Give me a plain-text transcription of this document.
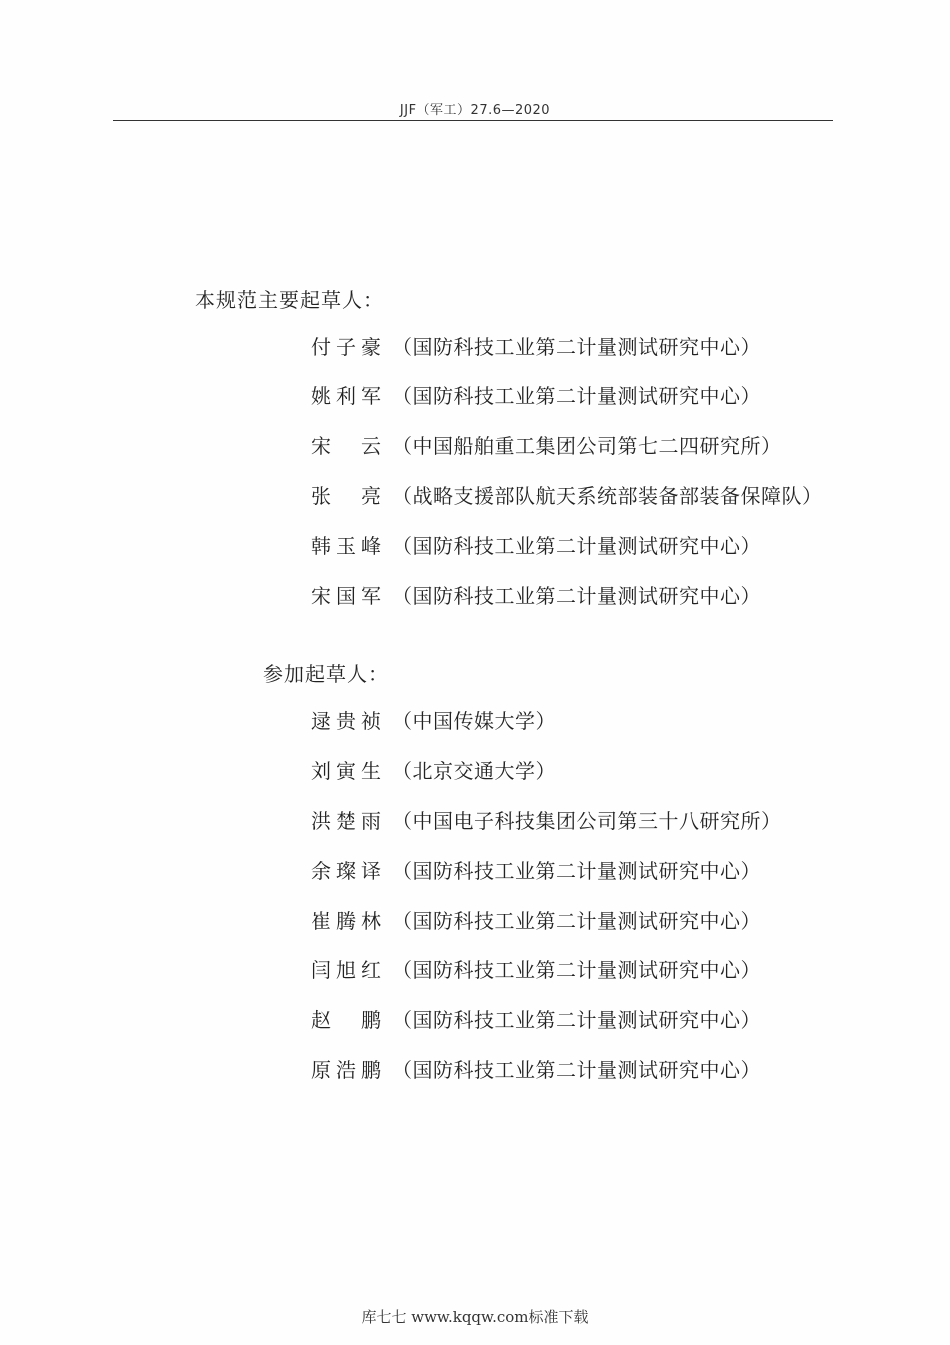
JJF（军工）27.6—2020
本规范主要起草人：
付子豪 （国防科技工业第二计量测试研究中心）
姚利军 （国防科技工业第二计量测试研究中心）
宋云 （中国船舶重工集团公司第七二四研究所）
张亮 （战略支援部队航天系统部装备部装备保障队）
韩玉峰 （国防科技工业第二计量测试研究中心）
宋国军 （国防科技工业第二计量测试研究中心）
参加起草人：
逯贵祯 （中国传媒大学）
刘寅生 （北京交通大学）
洪楚雨 （中国电子科技集团公司第三十八研究所）
余璨译 （国防科技工业第二计量测试研究中心）
崔腾林 （国防科技工业第二计量测试研究中心）
闫旭红 （国防科技工业第二计量测试研究中心）
赵鹏 （国防科技工业第二计量测试研究中心）
原浩鹏 （国防科技工业第二计量测试研究中心）
库七七 www.kqqw.com标准下载
